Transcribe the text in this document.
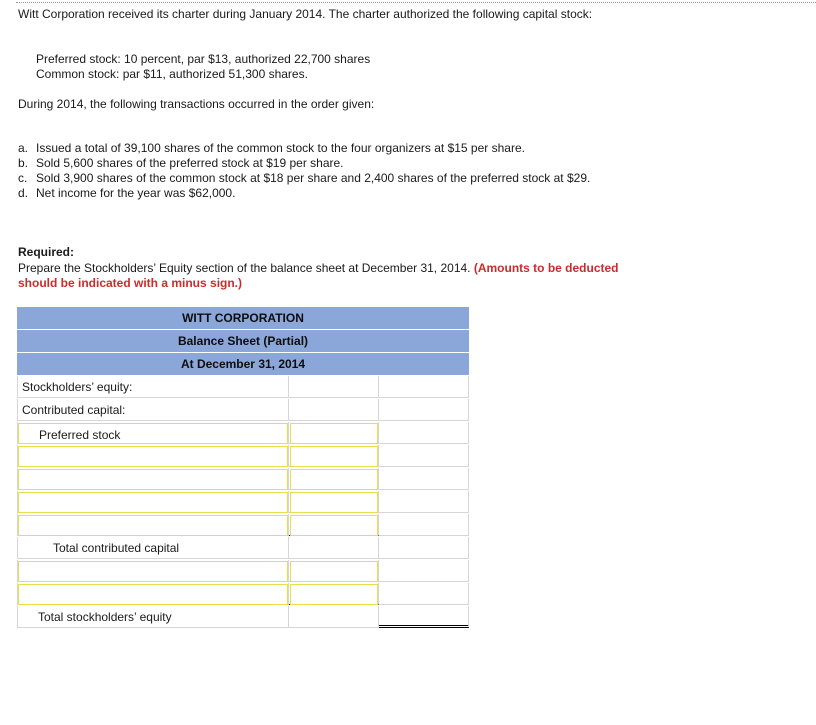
Witt Corporation received its charter during January 2014. The charter authorized the following capital stock:
Preferred stock: 10 percent, par $13, authorized 22,700 shares
Common stock: par $11, authorized 51,300 shares.
During 2014, the following transactions occurred in the order given:
a. Issued a total of 39,100 shares of the common stock to the four organizers at $15 per share.
b. Sold 5,600 shares of the preferred stock at $19 per share.
c. Sold 3,900 shares of the common stock at $18 per share and 2,400 shares of the preferred stock at $29.
d. Net income for the year was $62,000.
Required:
Prepare the Stockholders’ Equity section of the balance sheet at December 31, 2014. (Amounts to be deducted should be indicated with a minus sign.)
WITT CORPORATION
Balance Sheet (Partial)
At December 31, 2014
Stockholders’ equity:
Contributed capital:
Preferred stock
Total contributed capital
Total stockholders’ equity
